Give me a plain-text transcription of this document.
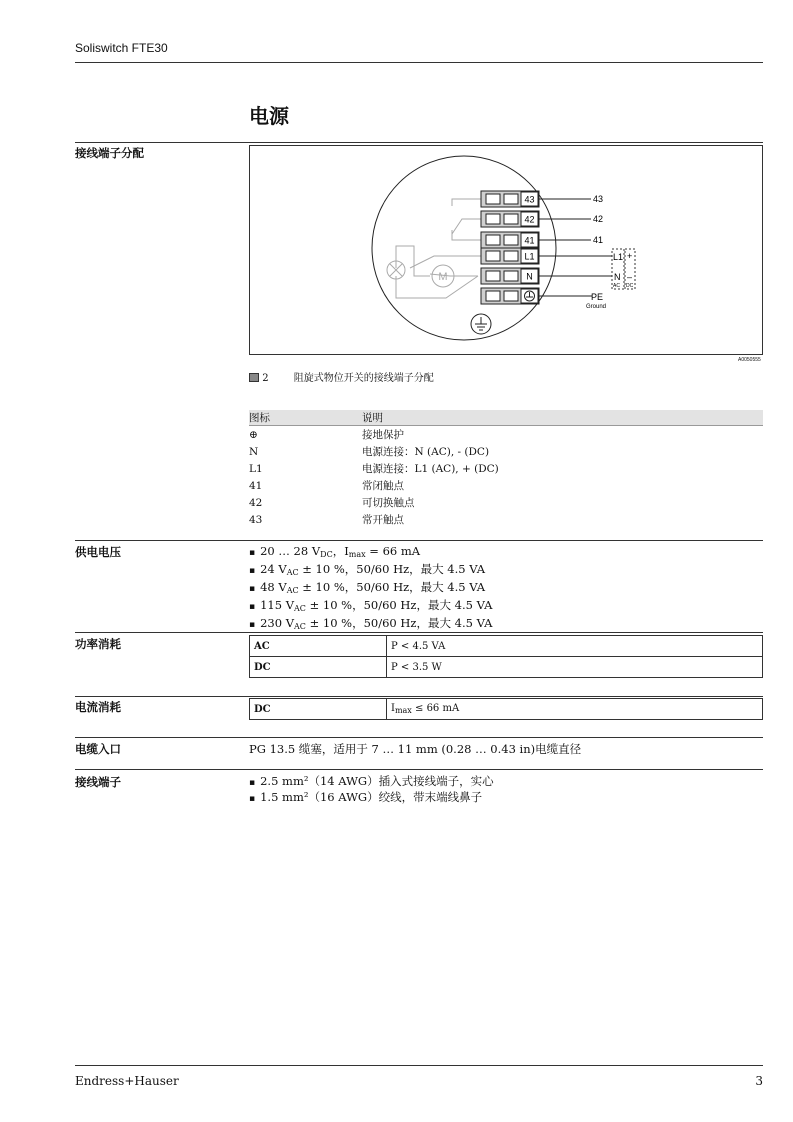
Soliswitch FTE30
电源
接线端子分配
M
43
42
41
L1
N
43
42
41
L1 +
N –
AC DC
PE
Ground
A0050555
2	阻旋式物位开关的接线端子分配
图标	说明
⊕	接地保护
N	电源连接：N (AC), - (DC)
L1	电源连接：L1 (AC), + (DC)
41	常闭触点
42	可切换触点
43	常开触点
供电电压	▪ 20 … 28 $V_{DC}$，$I_{max} = 66$ mA
▪ 24 $V_{AC} \pm 10$ %，50/60 Hz，最大 4.5 VA
▪ 48 $V_{AC} \pm 10$ %，50/60 Hz，最大 4.5 VA
▪ 115 $V_{AC} \pm 10$ %，50/60 Hz，最大 4.5 VA
▪ 230 $V_{AC} \pm 10$ %，50/60 Hz，最大 4.5 VA
功率消耗	AC	P < 4.5 VA
DC	P < 3.5 W
电流消耗	DC	$I_{max} \le 66$ mA
电缆入口	PG 13.5 缆塞，适用于 7 … 11 mm (0.28 … 0.43 in)电缆直径
接线端子	▪ 2.5 mm²（14 AWG）插入式接线端子，实心
▪ 1.5 mm²（16 AWG）绞线，带末端线鼻子
Endress+Hauser	3
